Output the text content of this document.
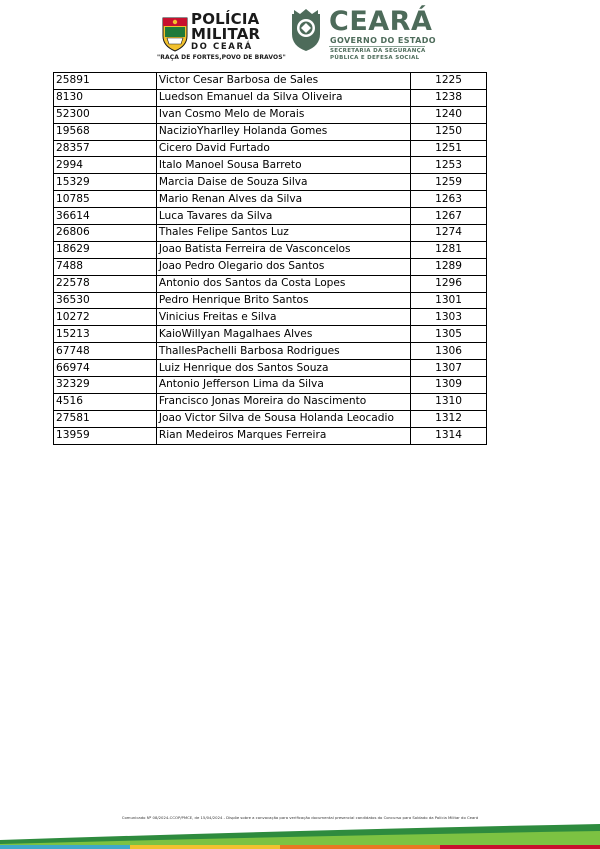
POLÍCIA
MILITAR
DO CEARÁ
"RAÇA DE FORTES,POVO DE BRAVOS"
CEARÁ
GOVERNO DO ESTADO
SECRETARIA DA SEGURANÇA
PÚBLICA E DEFESA SOCIAL
25891	Victor Cesar Barbosa de Sales	1225
8130	Luedson Emanuel da Silva Oliveira	1238
52300	Ivan Cosmo Melo de Morais	1240
19568	NacizioYharlley Holanda Gomes	1250
28357	Cicero David Furtado	1251
2994	Italo Manoel Sousa Barreto	1253
15329	Marcia Daise de Souza Silva	1259
10785	Mario Renan Alves da Silva	1263
36614	Luca Tavares da Silva	1267
26806	Thales Felipe Santos Luz	1274
18629	Joao Batista Ferreira de Vasconcelos	1281
7488	Joao Pedro Olegario dos Santos	1289
22578	Antonio dos Santos da Costa Lopes	1296
36530	Pedro Henrique Brito Santos	1301
10272	Vinicius Freitas e Silva	1303
15213	KaioWillyan Magalhaes Alves	1305
67748	ThallesPachelli Barbosa Rodrigues	1306
66974	Luiz Henrique dos Santos Souza	1307
32329	Antonio Jefferson Lima da Silva	1309
4516	Francisco Jonas Moreira do Nascimento	1310
27581	Joao Victor Silva de Sousa Holanda Leocadio	1312
13959	Rian Medeiros Marques Ferreira	1314
Comunicado Nº 08/2024-CCOP/PMCE, de 15/04/2024 - Dispõe sobre a convocação para verificação documental presencial candidatos do Concurso para Soldado da Polícia Militar do Ceará
